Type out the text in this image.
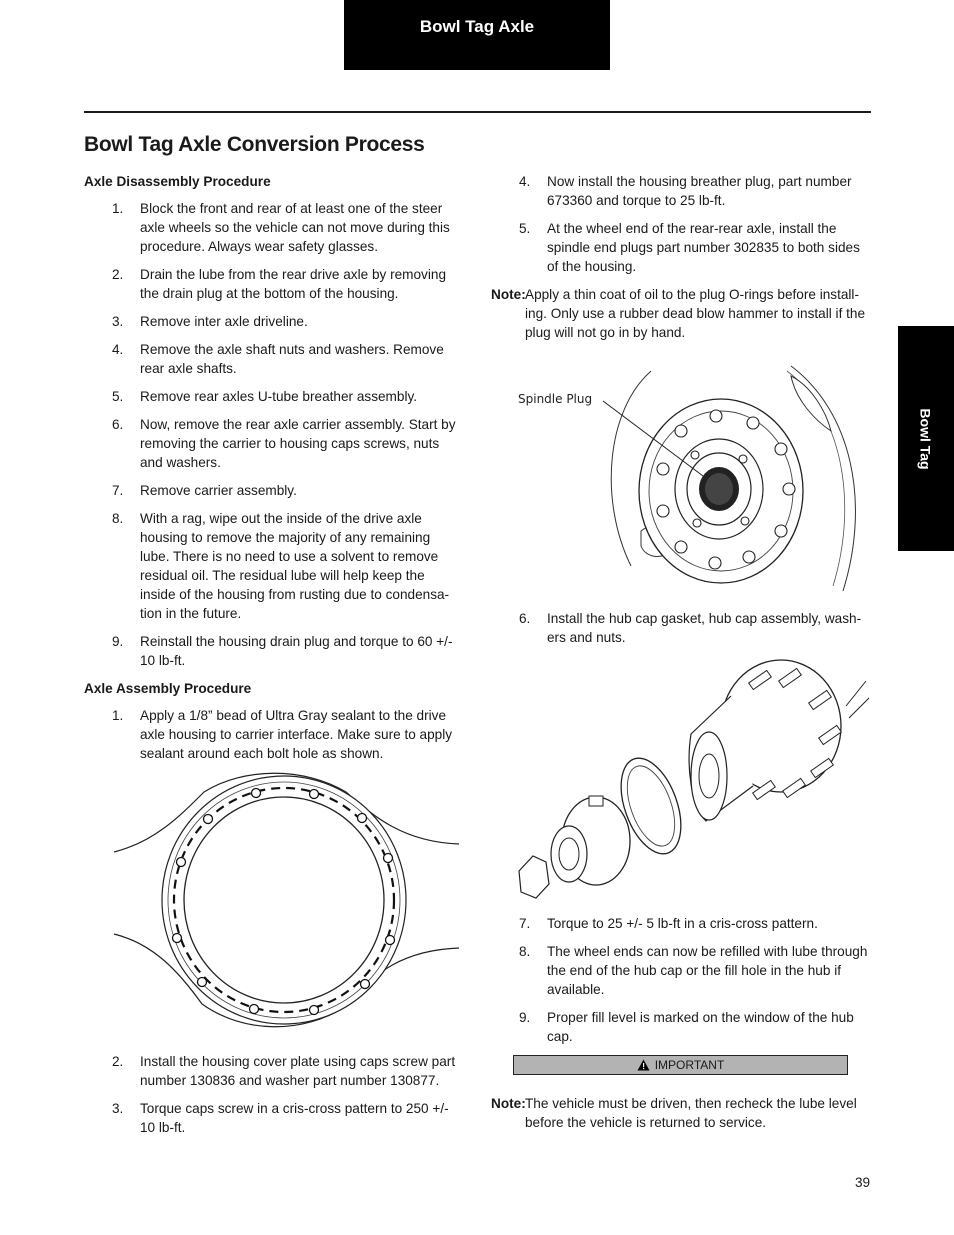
Bowl Tag Axle
Bowl Tag
Bowl Tag Axle Conversion Process
Axle Disassembly Procedure
1. Block the front and rear of at least one of the steer axle wheels so the vehicle can not move during this procedure. Always wear safety glasses.
2. Drain the lube from the rear drive axle by removing the drain plug at the bottom of the housing.
3. Remove inter axle driveline.
4. Remove the axle shaft nuts and washers. Remove rear axle shafts.
5. Remove rear axles U-tube breather assembly.
6. Now, remove the rear axle carrier assembly. Start by removing the carrier to housing caps screws, nuts and washers.
7. Remove carrier assembly.
8. With a rag, wipe out the inside of the drive axle housing to remove the majority of any remaining lube. There is no need to use a solvent to remove residual oil. The residual lube will help keep the inside of the housing from rusting due to condensa-tion in the future.
9. Reinstall the housing drain plug and torque to 60 +/- 10 lb-ft.
Axle Assembly Procedure
1. Apply a 1/8” bead of Ultra Gray sealant to the drive axle housing to carrier interface. Make sure to apply sealant around each bolt hole as shown.
2. Install the housing cover plate using caps screw part number 130836 and washer part number 130877.
3. Torque caps screw in a cris-cross pattern to 250 +/- 10 lb-ft.
4. Now install the housing breather plug, part number 673360 and torque to 25 lb-ft.
5. At the wheel end of the rear-rear axle, install the spindle end plugs part number 302835 to both sides of the housing.
Note: Apply a thin coat of oil to the plug O-rings before install-ing. Only use a rubber dead blow hammer to install if the plug will not go in by hand.
Spindle Plug
6. Install the hub cap gasket, hub cap assembly, wash-ers and nuts.
7. Torque to 25 +/- 5 lb-ft in a cris-cross pattern.
8. The wheel ends can now be refilled with lube through the end of the hub cap or the fill hole in the hub if available.
9. Proper fill level is marked on the window of the hub cap.
IMPORTANT
Note: The vehicle must be driven, then recheck the lube level before the vehicle is returned to service.
39
